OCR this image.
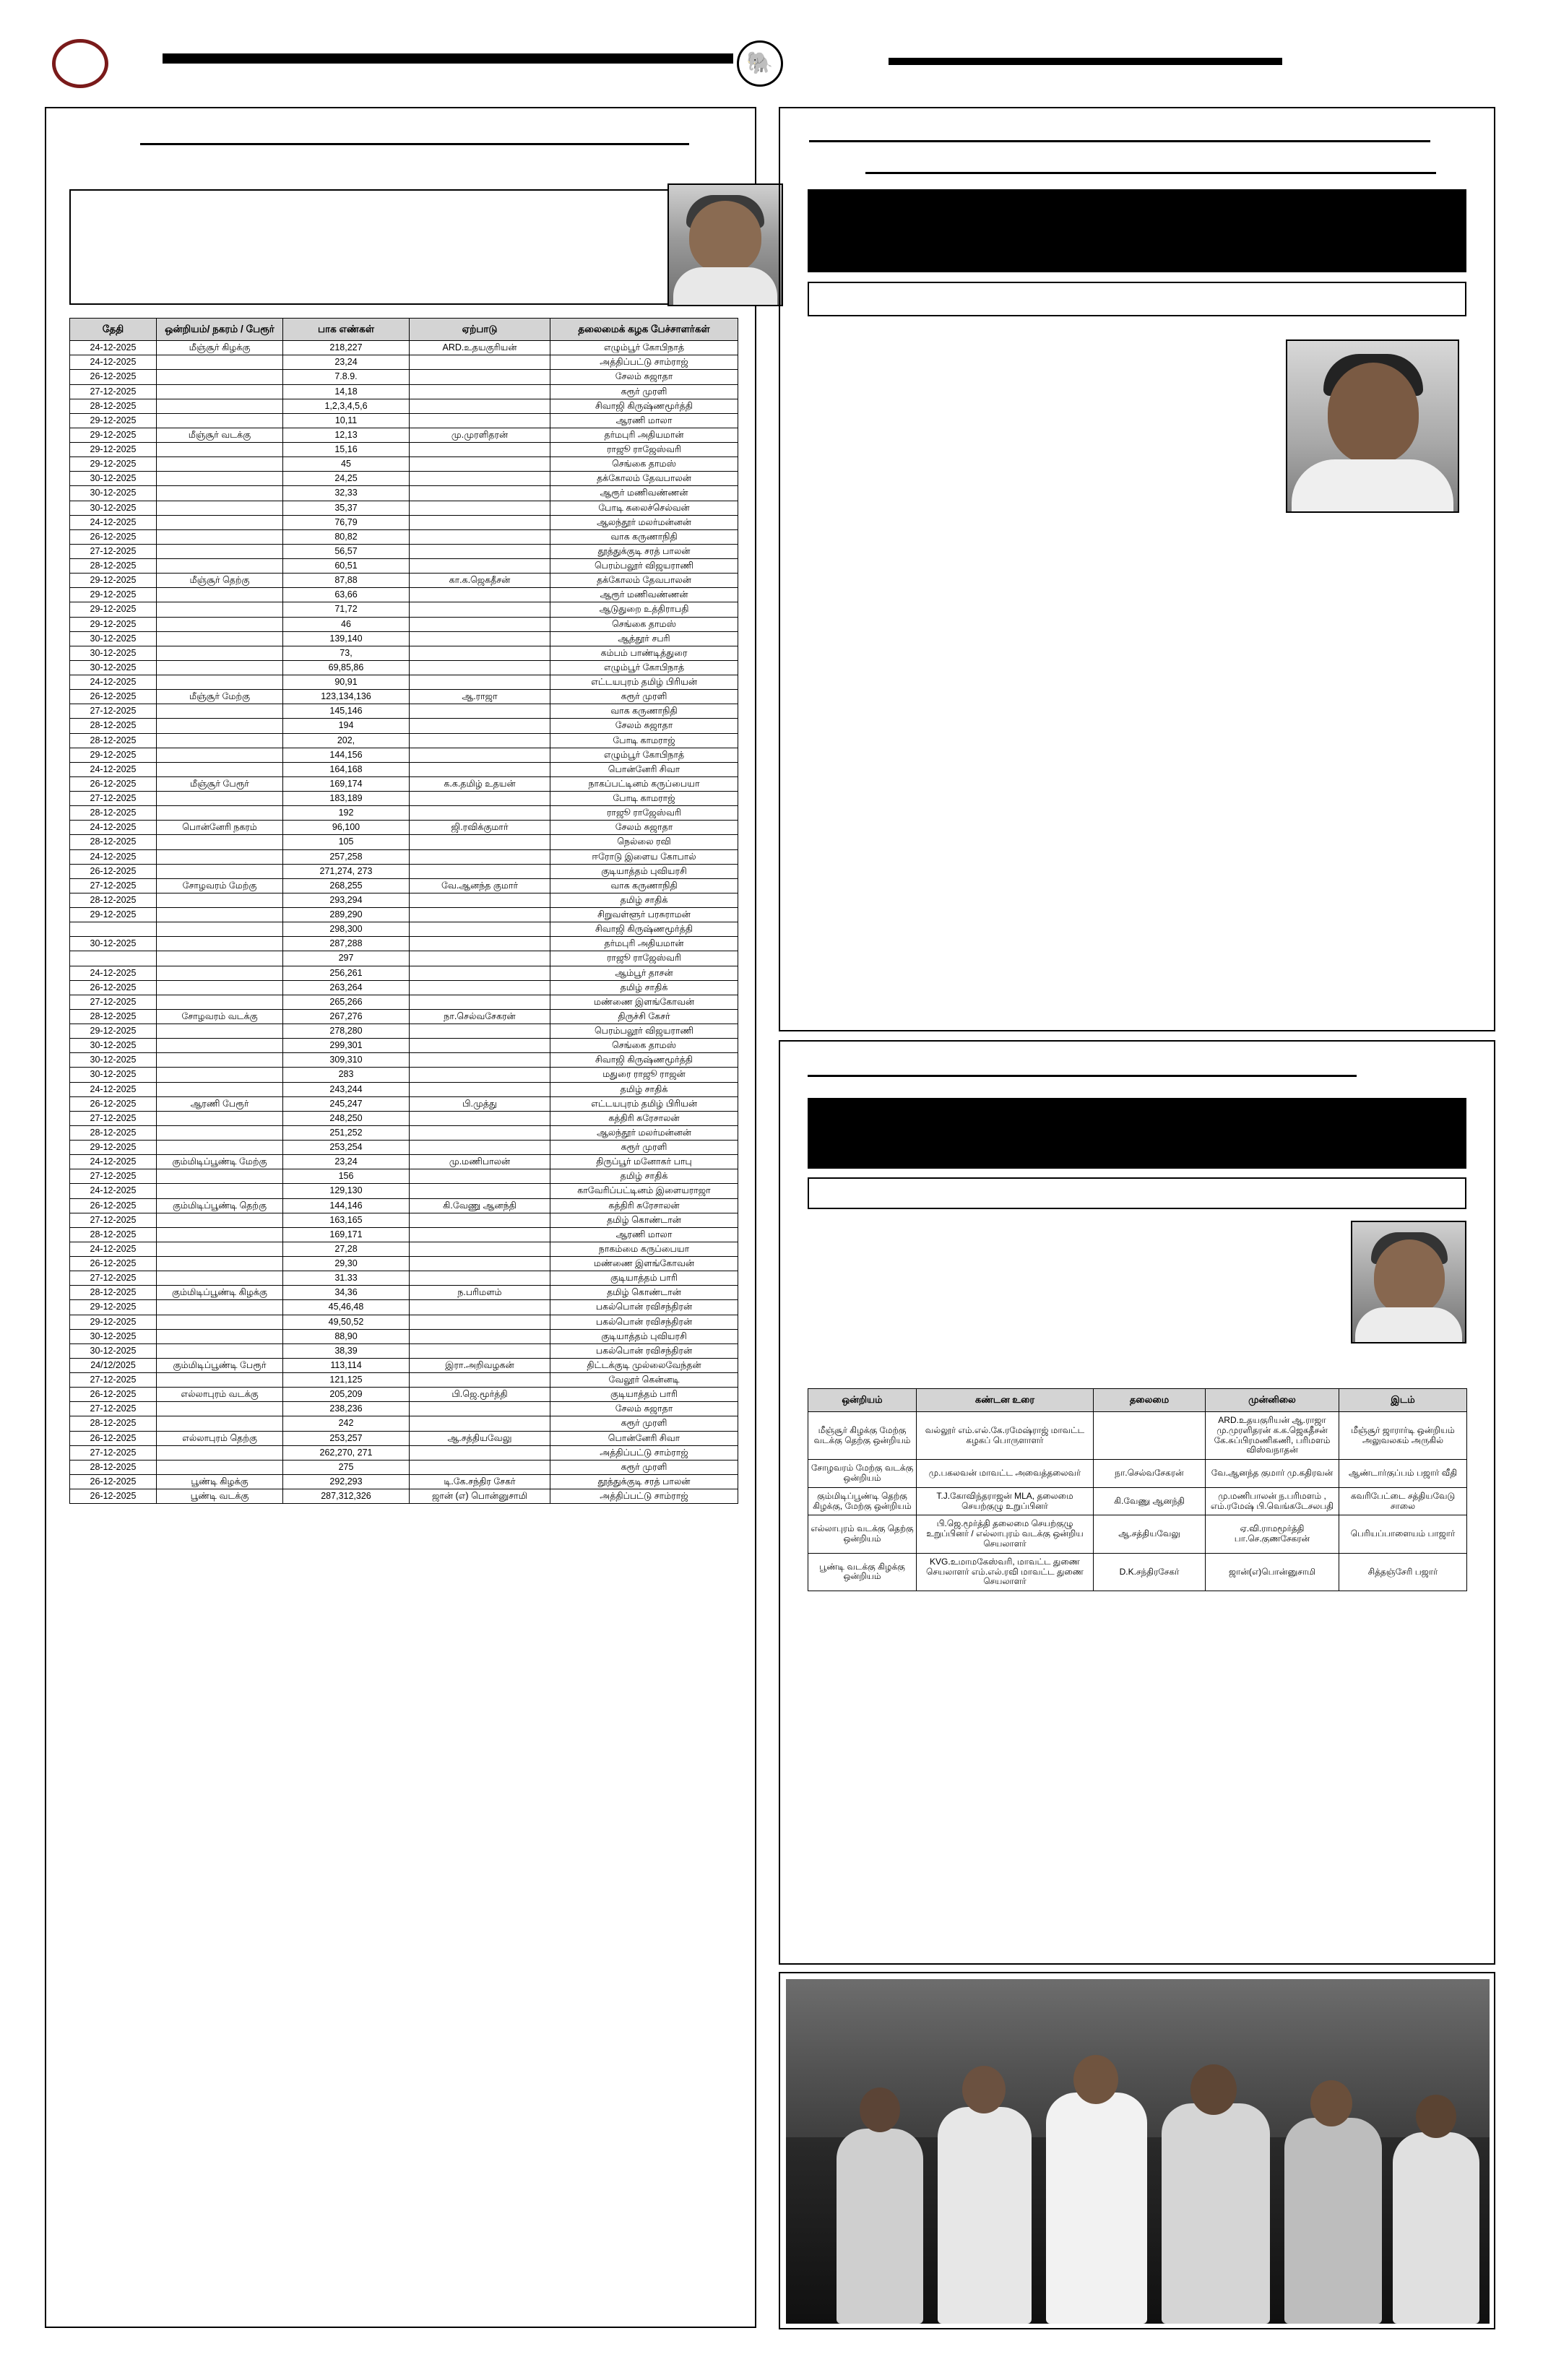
🐘
தேதி	ஒன்றியம்/ நகரம் / பேரூர்	பாக எண்கள்	ஏற்பாடு	தலைமைக் கழக பேச்சாளர்கள்
24-12-2025	மீஞ்சூர் கிழக்கு	218,227	ARD.உதயகுரியன்	எழும்பூர் கோபிநாத்
24-12-2025		23,24		அத்திப்பட்டு சாம்ராஜ்
26-12-2025		7.8.9.		சேலம் சுஜாதா
27-12-2025		14,18		கரூர் முரளி
28-12-2025		1,2,3,4,5,6		சிவாஜி கிருஷ்ணமூர்த்தி
29-12-2025		10,11		ஆரணி மாலா
29-12-2025	மீஞ்சூர் வடக்கு	12,13	மு.முரளிதரன்	தர்மபுரி அதியமான்
29-12-2025		15,16		ராஜூ ராஜேஸ்வரி
29-12-2025		45		செங்கை தாமஸ்
30-12-2025		24,25		தக்கோலம் தேவபாலன்
30-12-2025		32,33		ஆரூர் மணிவண்ணன்
30-12-2025		35,37		போடி கலைச்செல்வன்
24-12-2025		76,79		ஆலந்தூர் மலர்மன்னன்
26-12-2025		80,82		வாக கருணாநிதி
27-12-2025		56,57		தூத்துக்குடி சரத் பாலன்
28-12-2025		60,51		பெரம்பலூர் விஜயராணி
29-12-2025	மீஞ்சூர் தெற்கு	87,88	கா.க.ஜெகதீசன்	தக்கோலம் தேவபாலன்
29-12-2025		63,66		ஆரூர் மணிவண்ணன்
29-12-2025		71,72		ஆடுதுறை உத்திராபதி
29-12-2025		46		செங்கை தாமஸ்
30-12-2025		139,140		ஆத்தூர் சபரி
30-12-2025		73,		கம்பம் பாண்டித்துரை
30-12-2025		69,85,86		எழும்பூர் கோபிநாத்
24-12-2025		90,91		எட்டயபுரம் தமிழ் பிரியன்
26-12-2025	மீஞ்சூர் மேற்கு	123,134,136	ஆ.ராஜா	கரூர் முரளி
27-12-2025		145,146		வாக கருணாநிதி
28-12-2025		194		சேலம் சுஜாதா
28-12-2025		202,		போடி காமராஜ்
29-12-2025		144,156		எழும்பூர் கோபிநாத்
24-12-2025		164,168		பொன்னேரி சிவா
26-12-2025	மீஞ்சூர் பேரூர்	169,174	க.க.தமிழ் உதயன்	நாகப்பட்டினம் கருப்பையா
27-12-2025		183,189		போடி காமராஜ்
28-12-2025		192		ராஜூ ராஜேஸ்வரி
24-12-2025	பொன்னேரி நகரம்	96,100	ஜி.ரவிக்குமார்	சேலம் சுஜாதா
28-12-2025		105		நெல்லை ரவி
24-12-2025		257,258		ஈரோடு இளைய கோபால்
26-12-2025		271,274, 273		குடியாத்தம் புவியரசி
27-12-2025	சோழவரம் மேற்கு	268,255	வே.ஆனந்த குமார்	வாக கருணாநிதி
28-12-2025		293,294		தமிழ் சாதிக்
29-12-2025		289,290		சிறுவள்ளூர் பரசுராமன்
		298,300		சிவாஜி கிருஷ்ணமூர்த்தி
30-12-2025		287,288		தர்மபுரி அதியமான்
		297		ராஜூ ராஜேஸ்வரி
24-12-2025		256,261		ஆம்பூர் தாசன்
26-12-2025		263,264		தமிழ் சாதிக்
27-12-2025		265,266		மண்ணை இளங்கோவன்
28-12-2025	சோழவரம் வடக்கு	267,276	நா.செல்வசேகரன்	திருச்சி கேசர்
29-12-2025		278,280		பெரம்பலூர் விஜயராணி
30-12-2025		299,301		செங்கை தாமஸ்
30-12-2025		309,310		சிவாஜி கிருஷ்ணமூர்த்தி
30-12-2025		283		மதுரை ராஜூ ராஜன்
24-12-2025		243,244		தமிழ் சாதிக்
26-12-2025	ஆரணி பேரூர்	245,247	பி.முத்து	எட்டயபுரம் தமிழ் பிரியன்
27-12-2025		248,250		கத்திரி சுரேசாலன்
28-12-2025		251,252		ஆலந்தூர் மலர்மன்னன்
29-12-2025		253,254		கரூர் முரளி
24-12-2025	கும்மிடிப்பூண்டி மேற்கு	23,24	மு.மணிபாலன்	திருப்பூர் மனோகர் பாபு
27-12-2025		156		தமிழ் சாதிக்
24-12-2025		129,130		காவேரிப்பட்டினம் இளையராஜா
26-12-2025	கும்மிடிப்பூண்டி தெற்கு	144,146	கி.வேணு ஆனந்தி	கத்திரி சுரேசாலன்
27-12-2025		163,165		தமிழ் கொண்டான்
28-12-2025		169,171		ஆரணி மாலா
24-12-2025		27,28		நாகம்மை கருப்பையா
26-12-2025		29,30		மண்ணை இளங்கோவன்
27-12-2025		31.33		குடியாத்தம் பாரி
28-12-2025	கும்மிடிப்பூண்டி கிழக்கு	34,36	ந.பரிமளம்	தமிழ் கொண்டான்
29-12-2025		45,46,48		பகல்பொன் ரவிசந்திரன்
29-12-2025		49,50,52		பகல்பொன் ரவிசந்திரன்
30-12-2025		88,90		குடியாத்தம் புவியரசி
30-12-2025		38,39		பகல்பொன் ரவிசந்திரன்
24/12/2025	கும்மிடிப்பூண்டி பேரூர்	113,114	இரா.அறிவழகன்	திட்டக்குடி முல்லைவேந்தன்
27-12-2025		121,125		வேலூர் கென்னடி
26-12-2025	எல்லாபுரம் வடக்கு	205,209	பி.ஜெ.மூர்த்தி	குடியாத்தம் பாரி
27-12-2025		238,236		சேலம் சுஜாதா
28-12-2025		242		கரூர் முரளி
26-12-2025	எல்லாபுரம் தெற்கு	253,257	ஆ.சத்தியவேலு	பொன்னேரி சிவா
27-12-2025		262,270, 271		அத்திப்பட்டு சாம்ராஜ்
28-12-2025		275		கரூர் முரளி
26-12-2025	பூண்டி கிழக்கு	292,293	டி.கே.சந்திர சேகர்	தூத்துக்குடி சரத் பாலன்
26-12-2025	பூண்டி வடக்கு	287,312,326	ஜான் (எ) பொன்னுசாமி	அத்திப்பட்டு சாம்ராஜ்
ஒன்றியம்	கண்டன உரை	தலைமை	முன்னிலை	இடம்
மீஞ்சூர் கிழக்கு மேற்கு வடக்கு தெற்கு ஒன்றியம்	வல்லூர் எம்.எல்.கே.ரமேஷ்ராஜ் மாவட்ட கழகப் பொருளாளர்		ARD.உதயகுரியன் ஆ.ராஜா மு.முரளிதரன் க.க.ஜெகதீசன் கே.சுப்பிரமணிகணி, பரிமளம் விஸ்வநாதன்	மீஞ்சூர் ஜாரார்டி ஒன்றியம் அலுவலகம் அருகில்
சோழவரம் மேற்கு வடக்கு ஒன்றியம்	மு.பகலவன் மாவட்ட அவைத்தலைவர்	நா.செல்வசேகரன்	வே.ஆனந்த குமார் மு.கதிரவன்	ஆண்டார்குப்பம் பஜார் வீதி
கும்மிடிப்பூண்டி தெற்கு கிழக்கு, மேற்கு ஒன்றியம்	T.J.கோவிந்தராஜன் MLA, தலைமை செயற்குழு உறுப்பினர்	கி.வேணு ஆனந்தி	மு.மணிபாலன் ந.பரிமளம் , எம்.ரமேஷ் பி.வெங்கடேசலபதி	கவரிபேட்டை சத்தியவேடு சாலை
எல்லாபுரம் வடக்கு தெற்கு ஒன்றியம்	பி.ஜெ.மூர்த்தி தலைமை செயற்குழு உறுப்பினர் / எல்லாபுரம் வடக்கு ஒன்றிய செயலாளர்	ஆ.சத்தியவேலு	ஏ.வி.ராமமூர்த்தி பா.செ.குணசேகரன்	பெரியப்பாளையம் பாஜார்
பூண்டி வடக்கு கிழக்கு ஒன்றியம்	KVG.உமாமகேஸ்வரி, மாவட்ட துணை செயலாளர் எம்.எல்.ரவி மாவட்ட துணை செயலாளர்	D.K.சந்திரசேகர்	ஜான்(எ)பொன்னுசாமி	சித்தஞ்சேரி பஜார்
